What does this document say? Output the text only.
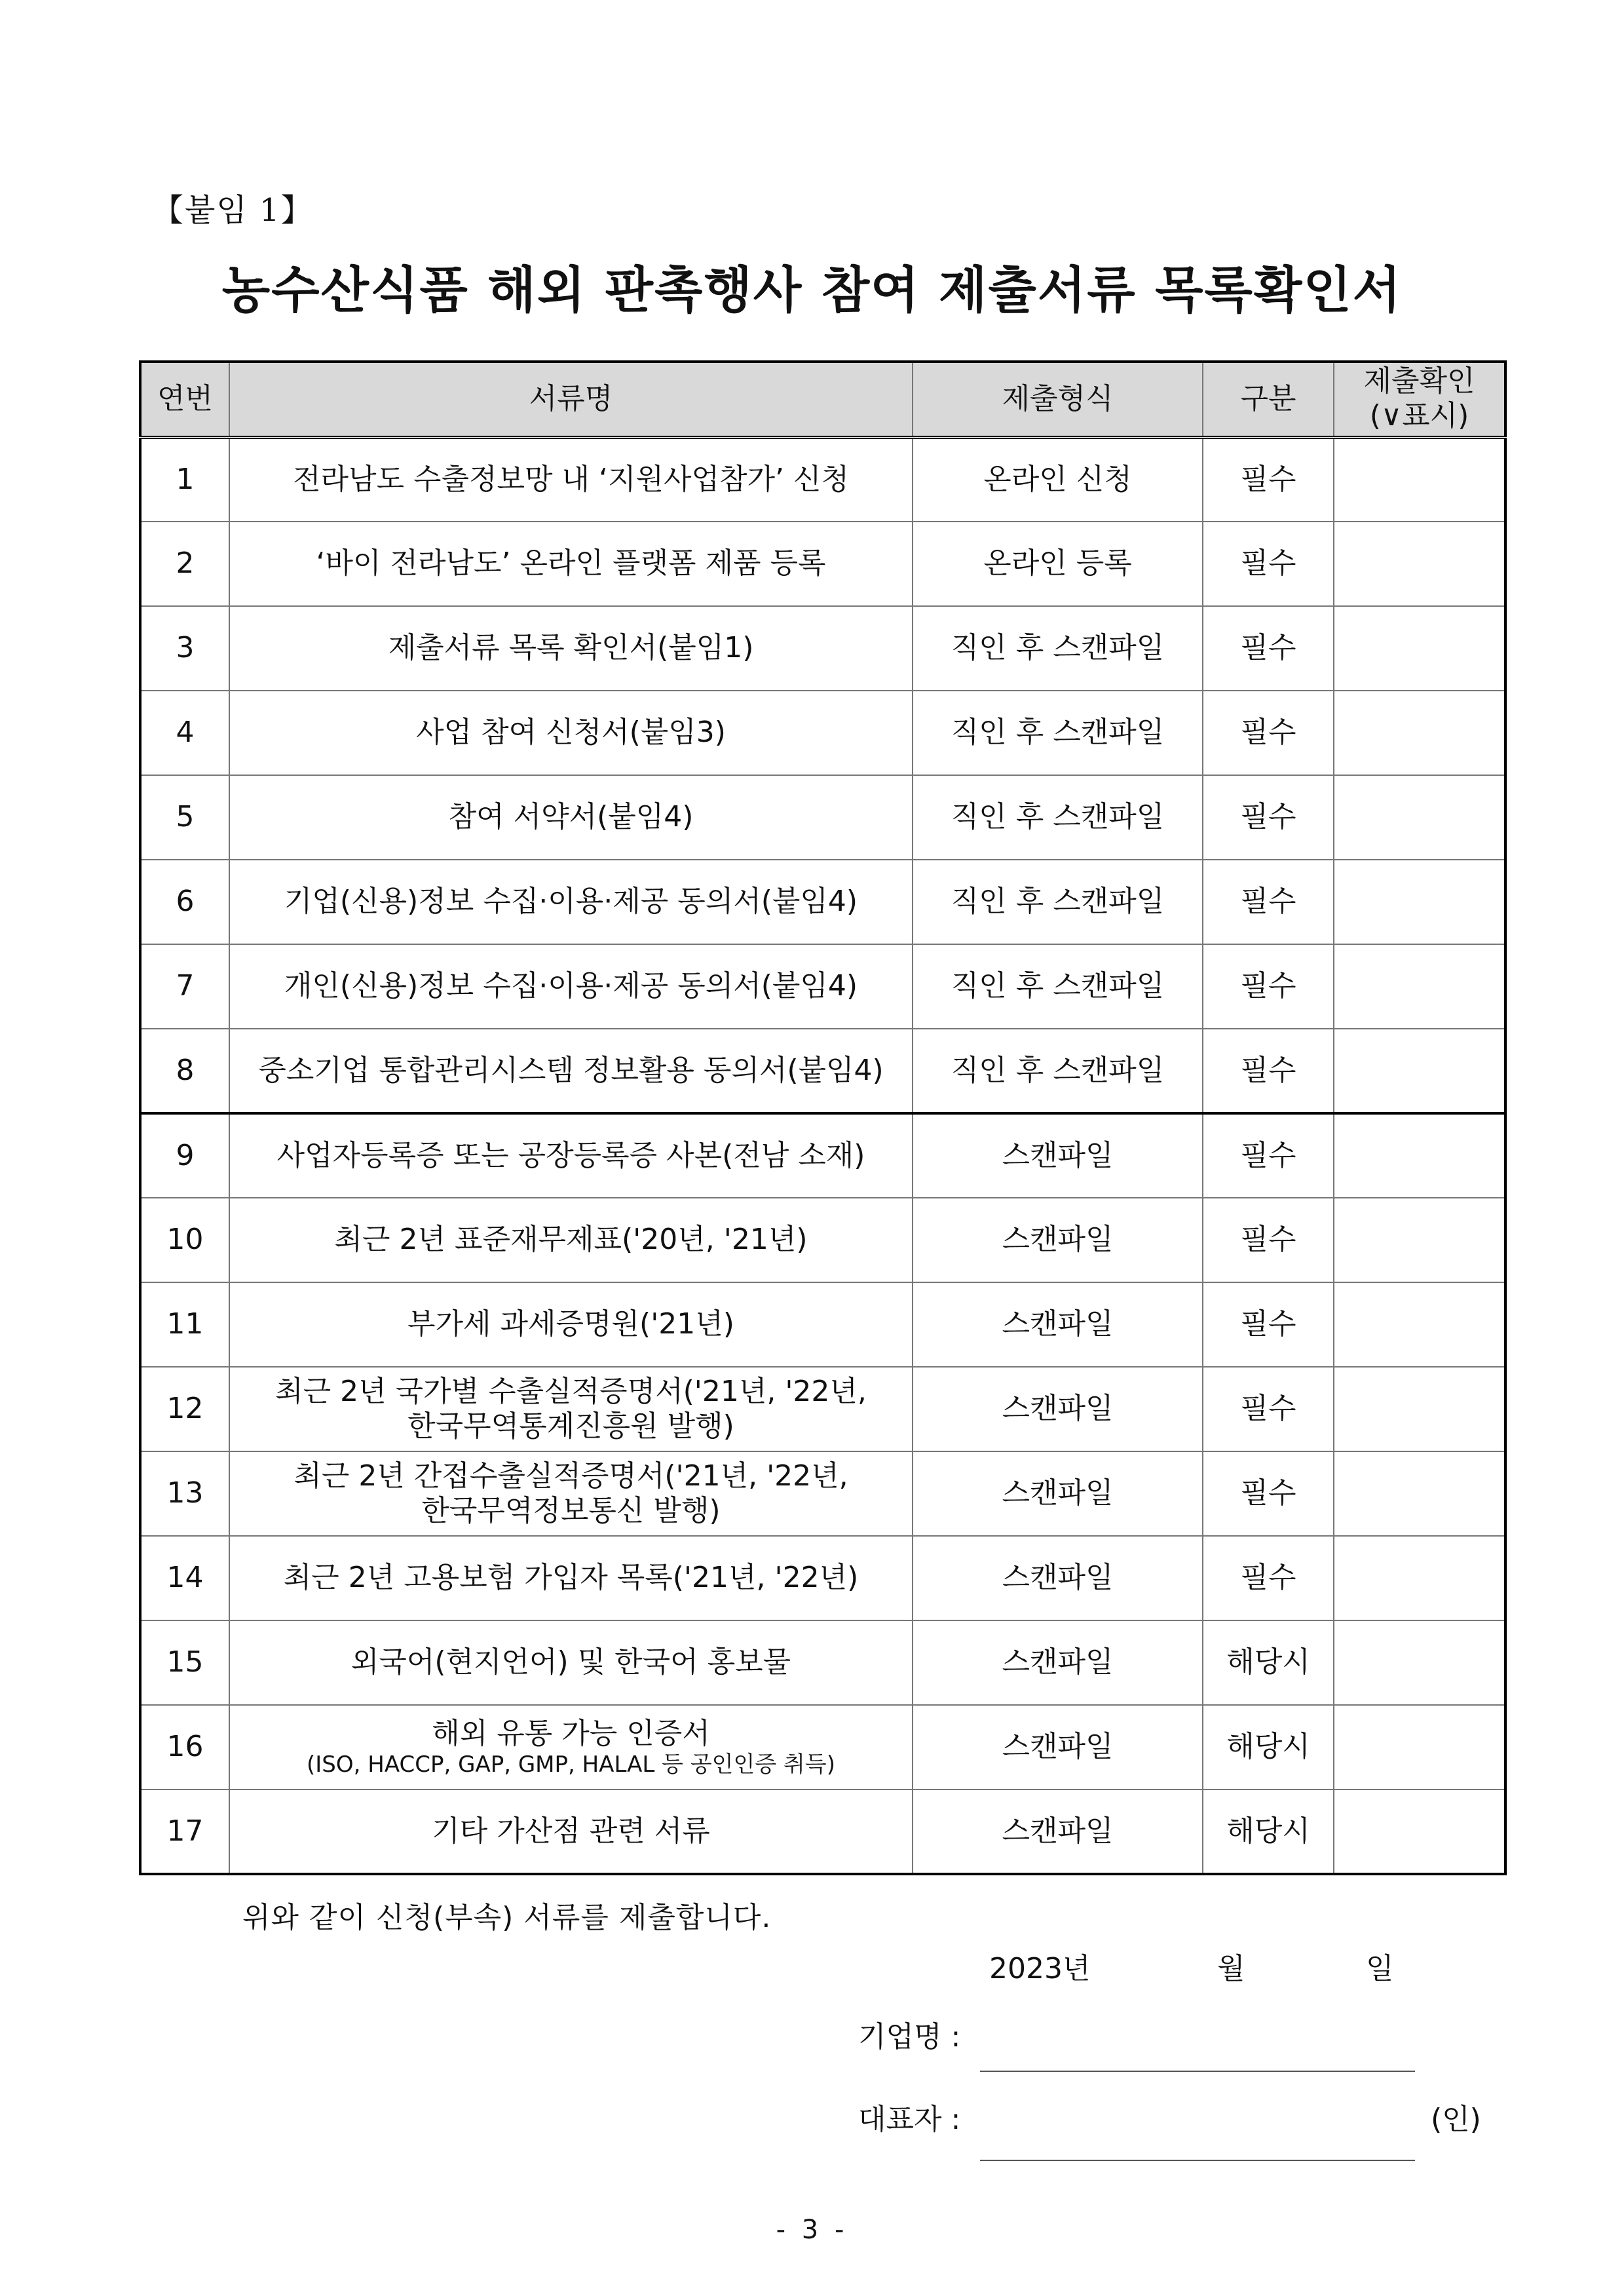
【붙임 1】
농수산식품 해외 판촉행사 참여 제출서류 목록확인서
연번	서류명	제출형식	구분	제출확인
(∨표시)

1	전라남도 수출정보망 내 ‘지원사업참가’ 신청	온라인 신청	필수	
2	‘바이 전라남도’ 온라인 플랫폼 제품 등록	온라인 등록	필수	
3	제출서류 목록 확인서(붙임1)	직인 후 스캔파일	필수	
4	사업 참여 신청서(붙임3)	직인 후 스캔파일	필수	
5	참여 서약서(붙임4)	직인 후 스캔파일	필수	
6	기업(신용)정보 수집·이용·제공 동의서(붙임4)	직인 후 스캔파일	필수	
7	개인(신용)정보 수집·이용·제공 동의서(붙임4)	직인 후 스캔파일	필수	
8	중소기업 통합관리시스템 정보활용 동의서(붙임4)	직인 후 스캔파일	필수	
9	사업자등록증 또는 공장등록증 사본(전남 소재)	스캔파일	필수	
10	최근 2년 표준재무제표('20년, '21년)	스캔파일	필수	
11	부가세 과세증명원('21년)	스캔파일	필수	
12	최근 2년 국가별 수출실적증명서('21년, '22년,
한국무역통계진흥원 발행)	스캔파일	필수	
13	최근 2년 간접수출실적증명서('21년, '22년,
한국무역정보통신 발행)	스캔파일	필수	
14	최근 2년 고용보험 가입자 목록('21년, '22년)	스캔파일	필수	
15	외국어(현지언어) 및 한국어 홍보물	스캔파일	해당시	
16	해외 유통 가능 인증서
(ISO, HACCP, GAP, GMP, HALAL 등 공인인증 취득)	스캔파일	해당시	
17	기타 가산점 관련 서류	스캔파일	해당시	
위와 같이 신청(부속) 서류를 제출합니다.
2023년	월	일
기업명 :
대표자 :	(인)
- 3 -
